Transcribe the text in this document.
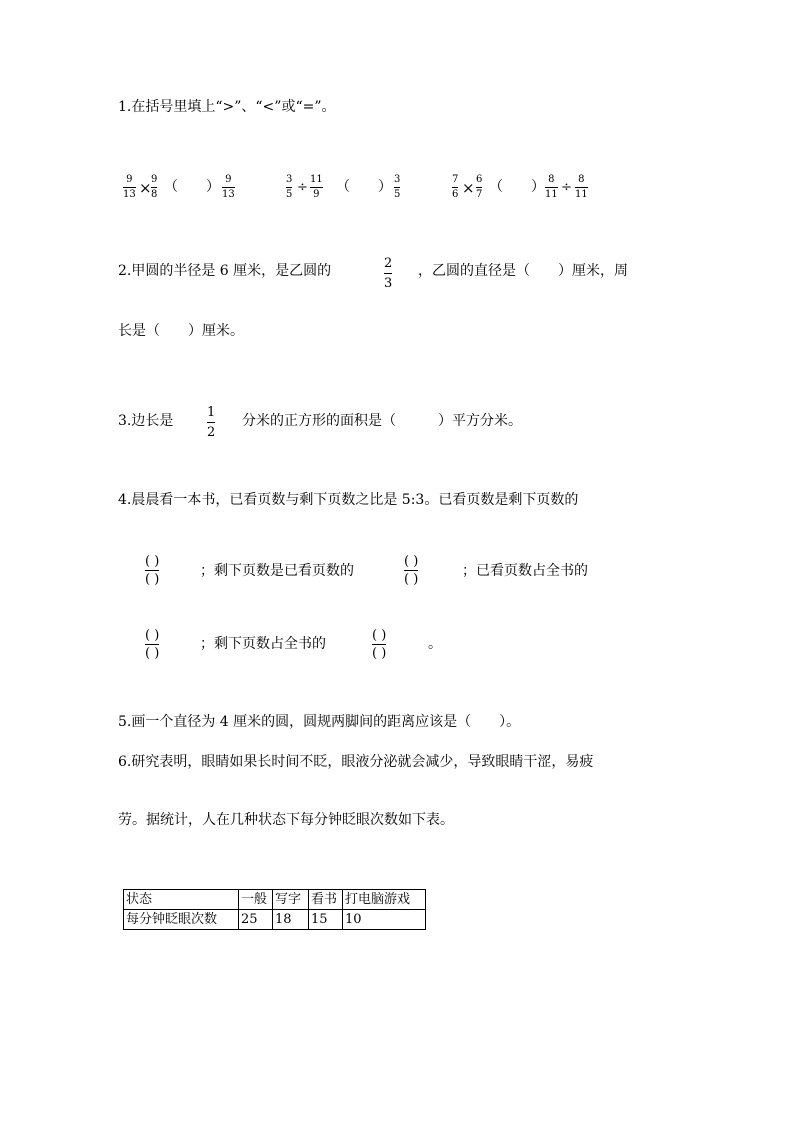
1.在括号里填上“>”、“<”或“=”。
9
13 × 9
8 （　　） 9
13
3
5 ÷
11
9 （　　） 3
5
7
6 × 6
7 （　　） 8
11 ÷
8
11
2.甲圆的半径是 6 厘米，是乙圆的	2
3
，乙圆的直径是（　　）厘米，周
长是（　　）厘米。
3.边长是
1
2
分米的正方形的面积是（　　　）平方分米。
4.晨晨看一本书，已看页数与剩下页数之比是 5:3。已看页数是剩下页数的
( )
( )
；剩下页数是已看页数的
( )
( )
；已看页数占全书的
( )
( )
；剩下页数占全书的
( )
( )
。
5.画一个直径为 4 厘米的圆，圆规两脚间的距离应该是（　　）。
6.研究表明，眼睛如果长时间不眨，眼液分泌就会减少，导致眼睛干涩，易疲
劳。据统计，人在几种状态下每分钟眨眼次数如下表。
状态	一般	写字	看书	打电脑游戏
每分钟眨眼次数	25	18	15	10
